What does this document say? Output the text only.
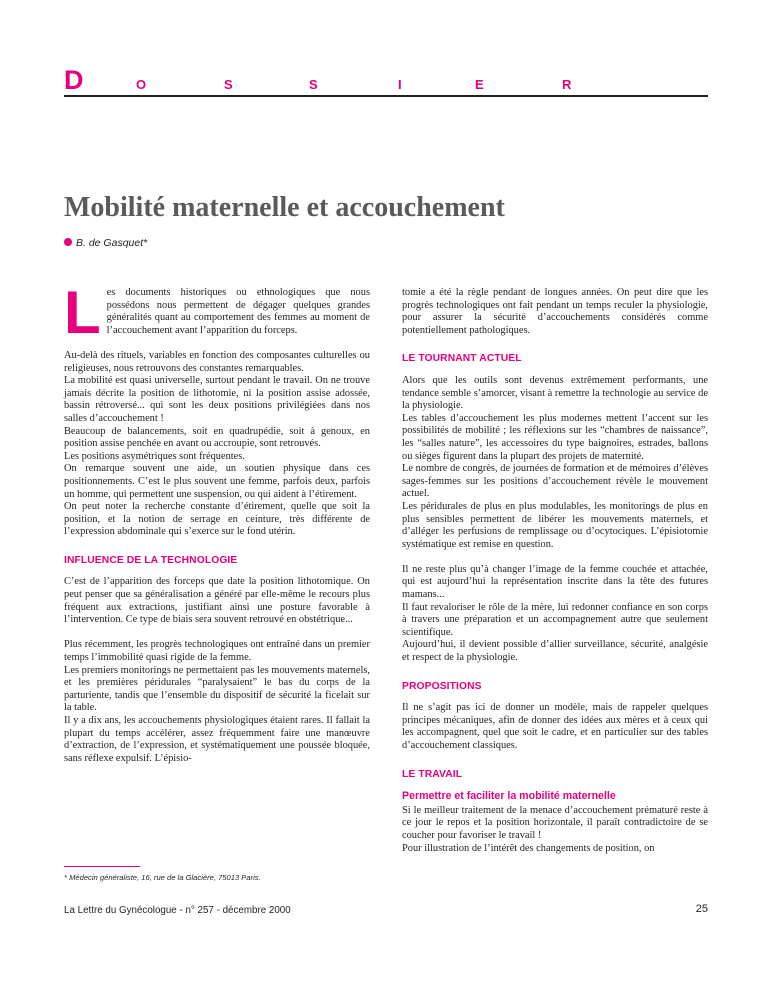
D	O	S	S	I	E	R
Mobilité maternelle et accouchement
B. de Gasquet*

Les documents historiques ou ethnologiques que nous possédons nous permettent de dégager quelques grandes généralités quant au comportement des femmes au moment de l’accouchement avant l’apparition du forceps.

Au-delà des rituels, variables en fonction des composantes culturelles ou religieuses, nous retrouvons des constantes remarquables.

La mobilité est quasi universelle, surtout pendant le travail. On ne trouve jamais décrite la position de lithotomie, ni la position assise adossée, bassin rétroversé... qui sont les deux positions privilégiées dans nos salles d’accouchement !

Beaucoup de balancements, soit en quadrupédie, soit à genoux, en position assise penchée en avant ou accroupie, sont retrouvés.

Les positions asymétriques sont fréquentes.

On remarque souvent une aide, un soutien physique dans ces positionnements. C’est le plus souvent une femme, parfois deux, parfois un homme, qui permettent une suspension, ou qui aident à l’étirement.

On peut noter la recherche constante d’étirement, quelle que soit la position, et la notion de serrage en ceinture, très différente de l’expression abdominale qui s’exerce sur le fond utérin.

INFLUENCE DE LA TECHNOLOGIE

C’est de l’apparition des forceps que date la position lithotomique. On peut penser que sa généralisation a généré par elle-même le recours plus fréquent aux extractions, justifiant ainsi une posture favorable à l’intervention. Ce type de biais sera souvent retrouvé en obstétrique...

Plus récemment, les progrès technologiques ont entraîné dans un premier temps l’immobilité quasi rigide de la femme.

Les premiers monitorings ne permettaient pas les mouvements maternels, et les premières péridurales “paralysaient” le bas du corps de la parturiente, tandis que l’ensemble du dispositif de sécurité la ficelait sur la table.

Il y a dix ans, les accouchements physiologiques étaient rares. Il fallait la plupart du temps accélérer, assez fréquemment faire une manœuvre d’extraction, de l’expression, et systématiquement une poussée bloquée, sans réflexe expulsif. L’épisio-

tomie a été la règle pendant de longues années. On peut dire que les progrès technologiques ont fait pendant un temps reculer la physiologie, pour assurer la sécurité d’accouchements considérés comme potentiellement pathologiques.

LE TOURNANT ACTUEL

Alors que les outils sont devenus extrêmement performants, une tendance semble s’amorcer, visant à remettre la technologie au service de la physiologie.

Les tables d’accouchement les plus modernes mettent l’accent sur les possibilités de mobilité ; les réflexions sur les “chambres de naissance”, les “salles nature”, les accessoires du type baignoires, estrades, ballons ou sièges figurent dans la plupart des projets de maternité.

Le nombre de congrès, de journées de formation et de mémoires d’élèves sages-femmes sur les positions d’accouchement révèle le mouvement actuel.

Les péridurales de plus en plus modulables, les monitorings de plus en plus sensibles permettent de libérer les mouvements maternels, et d’alléger les perfusions de remplissage ou d’ocytociques. L’épisiotomie systématique est remise en question.

Il ne reste plus qu’à changer l’image de la femme couchée et attachée, qui est aujourd’hui la représentation inscrite dans la tête des futures mamans...

Il faut revaloriser le rôle de la mère, lui redonner confiance en son corps à travers une préparation et un accompagnement autre que seulement scientifique.

Aujourd’hui, il devient possible d’allier surveillance, sécurité, analgésie et respect de la physiologie.

PROPOSITIONS

Il ne s’agit pas ici de donner un modèle, mais de rappeler quelques principes mécaniques, afin de donner des idées aux mères et à ceux qui les accompagnent, quel que soit le cadre, et en particulier sur des tables d’accouchement classiques.

LE TRAVAIL
Permettre et faciliter la mobilité maternelle

Si le meilleur traitement de la menace d’accouchement prématuré reste à ce jour le repos et la position horizontale, il paraît contradictoire de se coucher pour favoriser le travail !

Pour illustration de l’intérêt des changements de position, on

* Médecin généraliste, 16, rue de la Glacière, 75013 Paris.
La Lettre du Gynécologue - n° 257 - décembre 2000	25
